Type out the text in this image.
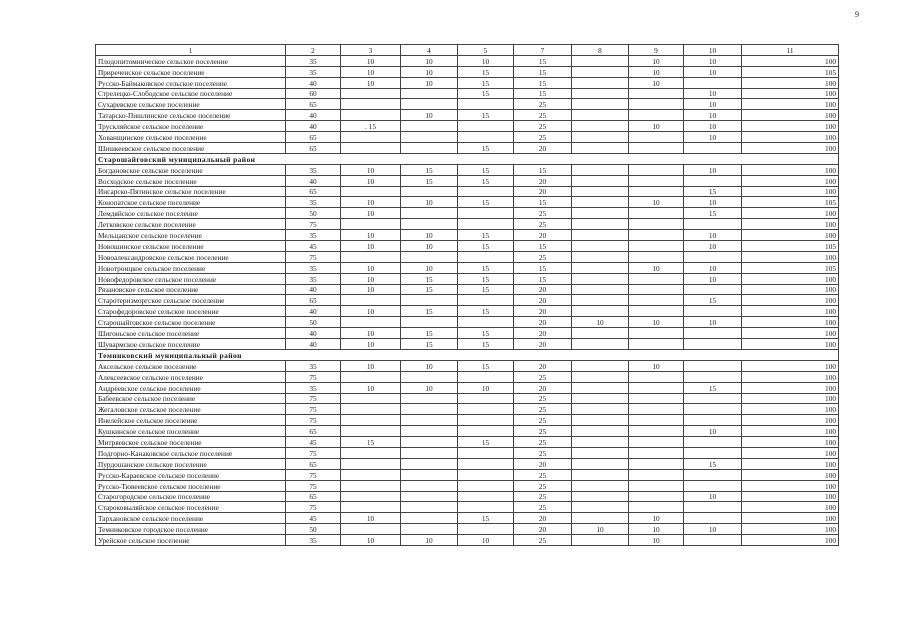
9
1	2	3	4	5	7	8	9	10	11
Плодопитомническое сельское поселение	35	10	10	10	15		10	10	100
Приреченское сельское поселение	35	10	10	15	15		10	10	105
Русско-Баймаковское сельское поселение	40	10	10	15	15		10		100
Стрелецко-Слободское сельское поселение	60			15	15			10	100
Сухаревское сельское поселение	65				25			10	100
Татарско-Пишлинское сельское поселение	40		10	15	25			10	100
Трускляйское сельское поселение	40	. 15			25		10	10	100
Хованщинское сельское поселение	65				25			10	100
Шишкеевское сельское поселение	65			15	20				100
Старошайговский муниципальный район									
Богдановское сельское поселение	35	10	15	15	15			10	100
Восходское сельское поселение	40	10	15	15	20				100
Инсарско-Пятинское сельское поселение	65				20			15	100
Конопатское сельское поселение	35	10	10	15	15		10	10	105
Лемдяйское сельское поселение	50	10			25			15	100
Летковское сельское поселение	75				25				100
Мельцанское сельское поселение	35	10	10	15	20			10	100
Новошинское сельское поселение	45	10	10	15	15			10	105
Новоалександровское сельское поселение	75				25				100
Новотроицкое сельское поселение	35	10	10	15	15		10	10	105
Новофедоровское сельское поселение	35	10	15	15	15			10	100
Рязановское сельское поселение	40	10	15	15	20				100
Старотеризморгское сельское поселение	65				20			15	100
Старофедоровское сельское поселение	40	10	15	15	20				100
Старошайговское сельское поселение	50				20	10	10	10	100
Шигоньское сельское поселение	40	10	15	15	20				100
Шувармское сельское поселение	40	10	15	15	20				100
Темниковский муниципальный район									
Аксельское сельское поселение	35	10	10	15	20		10		100
Алексеевское сельское поселение	75				25				100
Андреевское сельское поселение	35	10	10	10	20			15	100
Бабеевское сельское поселение	75				25				100
Жегаловское сельское поселение	75				25				100
Инелейское сельское поселение	75				25				100
Кушкинское сельское поселение	65				25			10	100
Митряевское сельское поселение	45	15		15	25				100
Подгорно-Канаковское сельское поселение	75				25				100
Пурдошанское сельское поселение	65				20			15	100
Русско-Караевское сельское поселение	75				25				100
Русско-Тювеевское сельское поселение	75				25				100
Старогородское сельское поселение	65				25			10	100
Староковыляйское сельское поселение	75				25				100
Тархановское сельское поселение	45	10		15	20		10		100
Темниковское городское поселение	50				20	10	10	10	100
Урейское сельское поселение	35	10	10	10	25		10		100
